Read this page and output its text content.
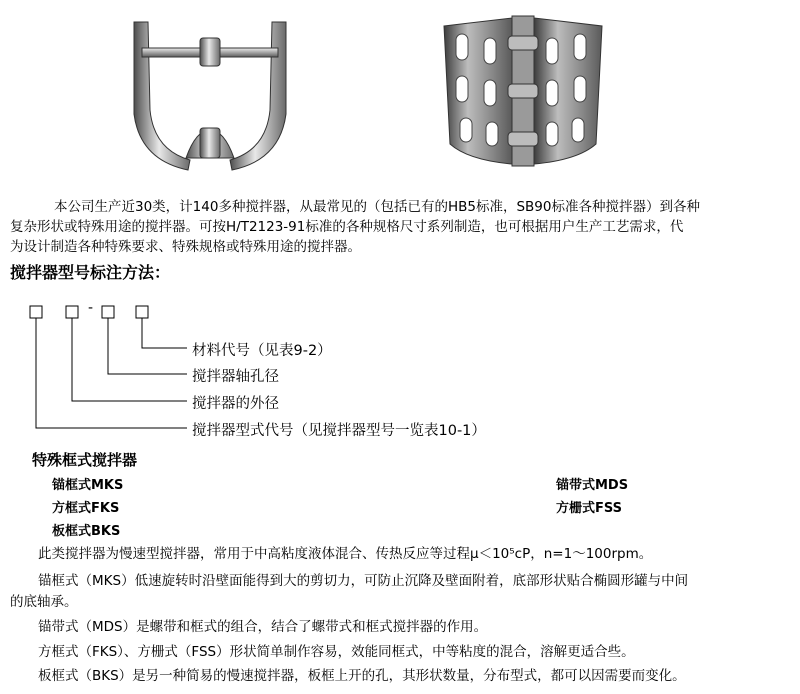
本公司生产近30类，计140多种搅拌器，从最常见的（包括已有的HB5标准，SB90标准各种搅拌器）到各种
复杂形状或特殊用途的搅拌器。可按H/T2123-91标准的各种规格尺寸系列制造，也可根据用户生产工艺需求，代
为设计制造各种特殊要求、特殊规格或特殊用途的搅拌器。
搅拌器型号标注方法：
-
材料代号（见表9-2）
搅拌器轴孔径
搅拌器的外径
搅拌器型式代号（见搅拌器型号一览表10-1）
特殊框式搅拌器
锚框式MKS
方框式FKS
板框式BKS
锚带式MDS
方栅式FSS
此类搅拌器为慢速型搅拌器，常用于中高粘度液体混合、传热反应等过程μ＜10⁵cP，n=1～100rpm。
锚框式（MKS）低速旋转时沿壁面能得到大的剪切力，可防止沉降及壁面附着，底部形状贴合椭圆形罐与中间
的底轴承。
锚带式（MDS）是螺带和框式的组合，结合了螺带式和框式搅拌器的作用。
方框式（FKS）、方栅式（FSS）形状简单制作容易，效能同框式，中等粘度的混合，溶解更适合些。
板框式（BKS）是另一种简易的慢速搅拌器，板框上开的孔，其形状数量，分布型式，都可以因需要而变化。
